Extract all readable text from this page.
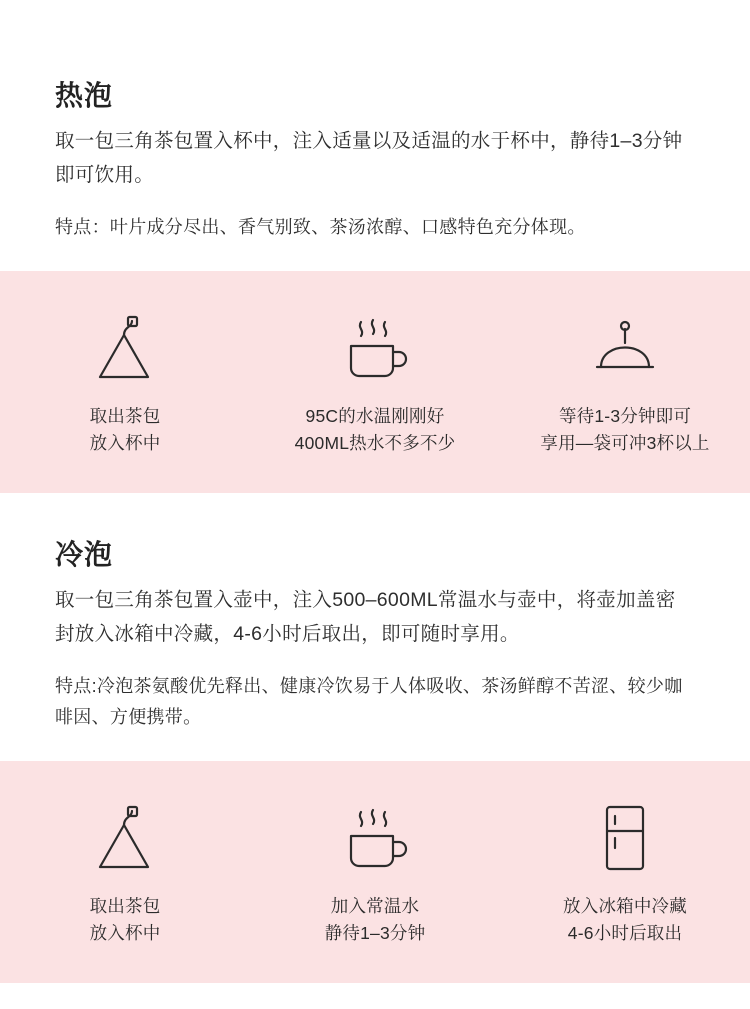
热泡

取一包三角茶包置入杯中，注入适量以及适温的水于杯中，静待1–3分钟即可饮用。

特点：叶片成分尽出、香气别致、茶汤浓醇、口感特色充分体现。

取出茶包
放入杯中
95C的水温刚刚好
400ML热水不多不少
等待1-3分钟即可
享用—袋可冲3杯以上
冷泡

取一包三角茶包置入壶中，注入500–600ML常温水与壶中，将壶加盖密封放入冰箱中冷藏，4-6小时后取出，即可随时享用。

特点:冷泡茶氨酸优先释出、健康冷饮易于人体吸收、茶汤鲜醇不苦涩、较少咖啡因、方便携带。

取出茶包
放入杯中
加入常温水
静待1–3分钟
放入冰箱中冷藏
4-6小时后取出
